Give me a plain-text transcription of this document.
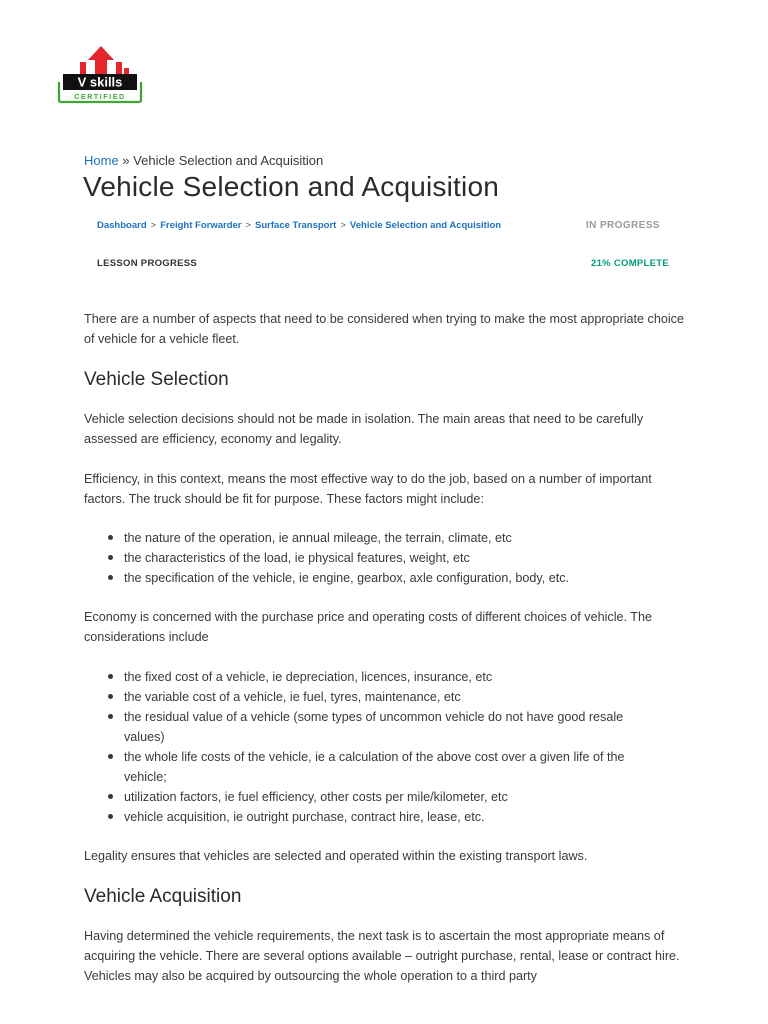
V skills
CERTIFIED
Home » Vehicle Selection and Acquisition
Vehicle Selection and Acquisition
Dashboard > Freight Forwarder > Surface Transport > Vehicle Selection and Acquisition	IN PROGRESS
LESSON PROGRESS	21% COMPLETE

There are a number of aspects that need to be considered when trying to make the most appropriate choice of vehicle for a vehicle fleet.

Vehicle Selection

Vehicle selection decisions should not be made in isolation. The main areas that need to be carefully assessed are efficiency, economy and legality.

Efficiency, in this context, means the most effective way to do the job, based on a number of important factors. The truck should be fit for purpose. These factors might include:

the nature of the operation, ie annual mileage, the terrain, climate, etc
the characteristics of the load, ie physical features, weight, etc
the specification of the vehicle, ie engine, gearbox, axle configuration, body, etc.

Economy is concerned with the purchase price and operating costs of different choices of vehicle. The considerations include

the fixed cost of a vehicle, ie depreciation, licences, insurance, etc
the variable cost of a vehicle, ie fuel, tyres, maintenance, etc
the residual value of a vehicle (some types of uncommon vehicle do not have good resale values)
the whole life costs of the vehicle, ie a calculation of the above cost over a given life of the vehicle;
utilization factors, ie fuel efficiency, other costs per mile/kilometer, etc
vehicle acquisition, ie outright purchase, contract hire, lease, etc.

Legality ensures that vehicles are selected and operated within the existing transport laws.

Vehicle Acquisition

Having determined the vehicle requirements, the next task is to ascertain the most appropriate means of acquiring the vehicle. There are several options available – outright purchase, rental, lease or contract hire. Vehicles may also be acquired by outsourcing the whole operation to a third party
